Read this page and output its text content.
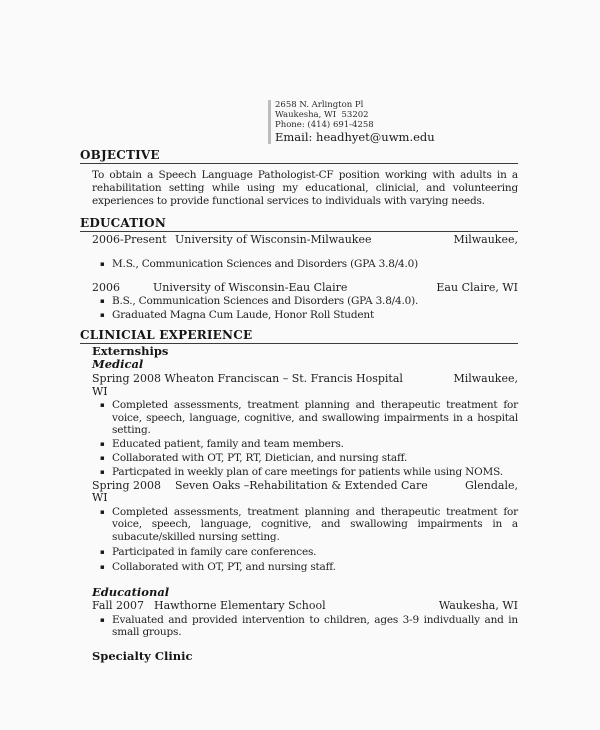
2658 N. Arlington Pl
Waukesha, WI  53202
Phone: (414) 691-4258
Email: headhyet@uwm.edu
OBJECTIVE

To obtain a Speech Language Pathologist-CF position working with adults in a rehabilitation setting while using my educational, clinicial, and volunteering experiences to provide functional services to individuals with varying needs.

EDUCATION
2006-Present University of Wisconsin-Milwaukee	Milwaukee,
▪ M.S., Communication Sciences and Disorders (GPA 3.8/4.0)
2006	University of Wisconsin-Eau Claire	Eau Claire, WI
▪ B.S., Communication Sciences and Disorders (GPA 3.8/4.0).
▪ Graduated Magna Cum Laude, Honor Roll Student
CLINICIAL EXPERIENCE
Externships
Medical
Spring 2008 Wheaton Franciscan – St. Francis Hospital	Milwaukee,
WI
▪ Completed assessments, treatment planning and therapeutic treatment for voice, speech, language, cognitive, and swallowing impairments in a hospital setting.
▪ Educated patient, family and team members.
▪ Collaborated with OT, PT, RT, Dietician, and nursing staff.
▪ Particpated in weekly plan of care meetings for patients while using NOMS.
Spring 2008	Seven Oaks –Rehabilitation & Extended Care	Glendale,
WI
▪ Completed assessments, treatment planning and therapeutic treatment for voice, speech, language, cognitive, and swallowing impairments in a subacute/skilled nursing setting.
▪ Participated in family care conferences.
▪ Collaborated with OT, PT, and nursing staff.
Educational
Fall 2007 Hawthorne Elementary School	Waukesha, WI
▪ Evaluated and provided intervention to children, ages 3-9 indivdually and in small groups.
Specialty Clinic
